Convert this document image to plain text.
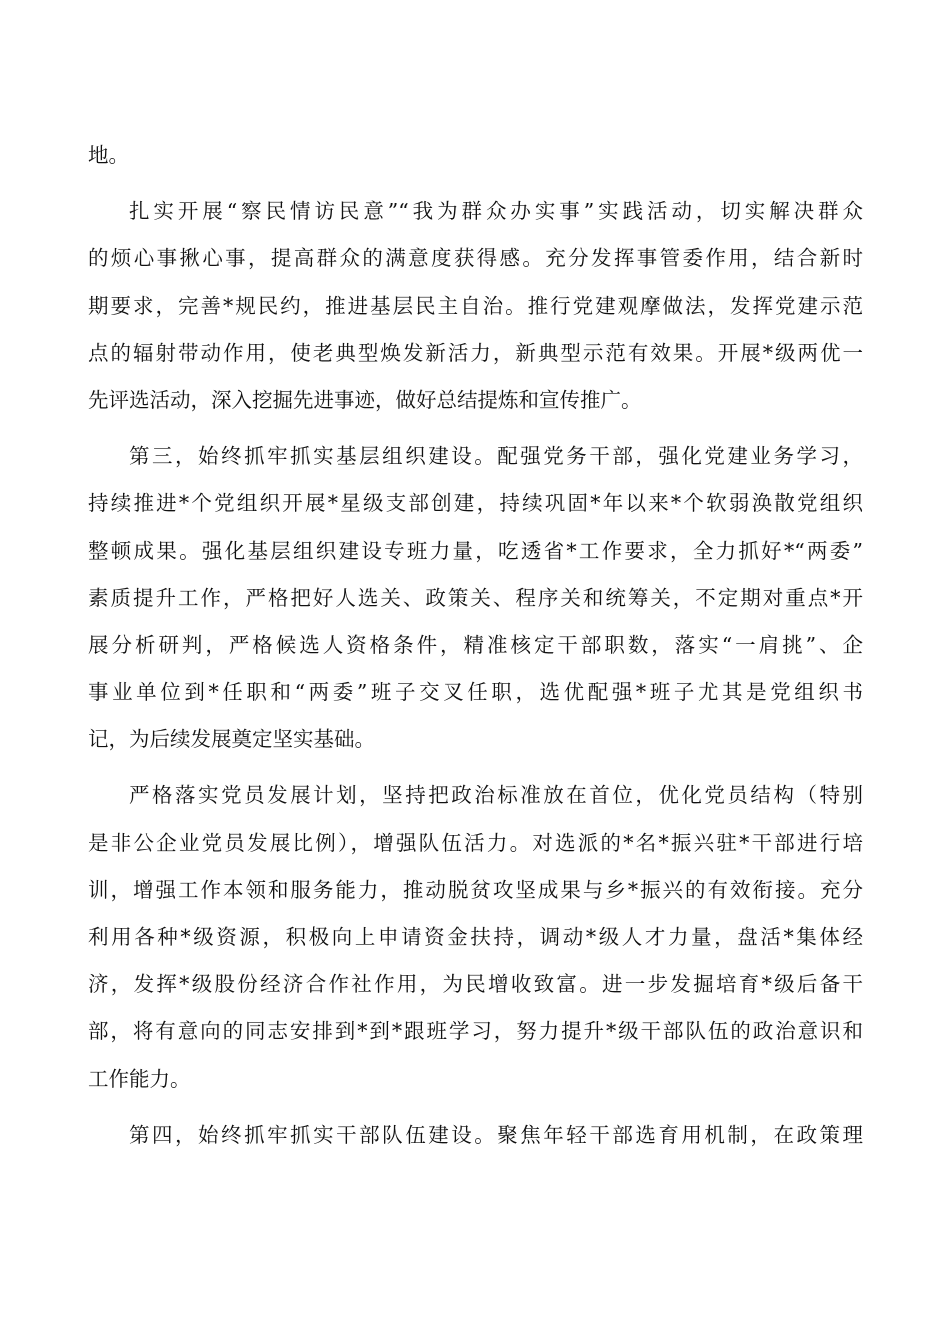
地。
扎实开展“察民情访民意”“我为群众办实事”实践活动，切实解决群众
的烦心事揪心事，提高群众的满意度获得感。充分发挥事管委作用，结合新时
期要求，完善*规民约，推进基层民主自治。推行党建观摩做法，发挥党建示范
点的辐射带动作用，使老典型焕发新活力，新典型示范有效果。开展*级两优一
先评选活动，深入挖掘先进事迹，做好总结提炼和宣传推广。
第三，始终抓牢抓实基层组织建设。配强党务干部，强化党建业务学习，
持续推进*个党组织开展*星级支部创建，持续巩固*年以来*个软弱涣散党组织
整顿成果。强化基层组织建设专班力量，吃透省*工作要求，全力抓好*“两委”
素质提升工作，严格把好人选关、政策关、程序关和统筹关，不定期对重点*开
展分析研判，严格候选人资格条件，精准核定干部职数，落实“一肩挑”、企
事业单位到*任职和“两委”班子交叉任职，选优配强*班子尤其是党组织书
记，为后续发展奠定坚实基础。
严格落实党员发展计划，坚持把政治标准放在首位，优化党员结构（特别
是非公企业党员发展比例），增强队伍活力。对选派的*名*振兴驻*干部进行培
训，增强工作本领和服务能力，推动脱贫攻坚成果与乡*振兴的有效衔接。充分
利用各种*级资源，积极向上申请资金扶持，调动*级人才力量，盘活*集体经
济，发挥*级股份经济合作社作用，为民增收致富。进一步发掘培育*级后备干
部，将有意向的同志安排到*到*跟班学习，努力提升*级干部队伍的政治意识和
工作能力。
第四，始终抓牢抓实干部队伍建设。聚焦年轻干部选育用机制，在政策理
